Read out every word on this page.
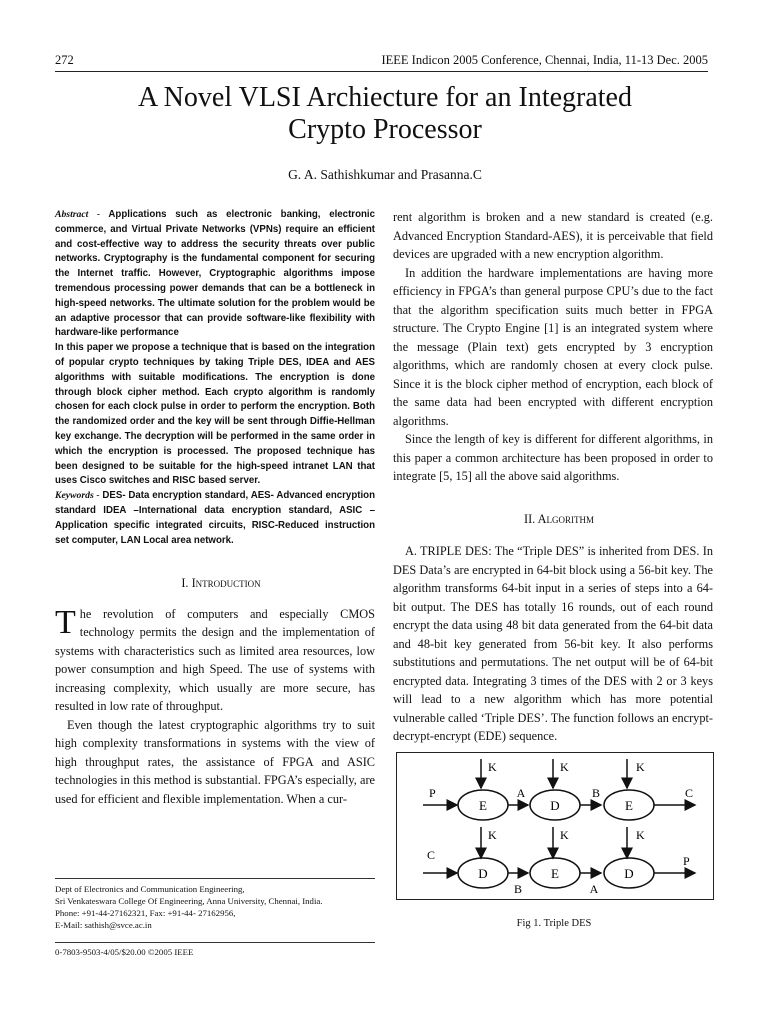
272	IEEE Indicon 2005 Conference, Chennai, India, 11-13 Dec. 2005
A Novel VLSI Archiecture for an Integrated
Crypto Processor
G. A. Sathishkumar and Prasanna.C

Abstract - Applications such as electronic banking, electronic commerce, and Virtual Private Networks (VPNs) require an efficient and cost-effective way to address the security threats over public networks. Cryptography is the fundamental component for securing the Internet traffic. However, Cryptographic algorithms impose tremendous processing power demands that can be a bottleneck in high-speed networks. The ultimate solution for the problem would be an adaptive processor that can provide software-like flexibility with hardware-like performance

In this paper we propose a technique that is based on the integration of popular crypto techniques by taking Triple DES, IDEA and AES algorithms with suitable modifications. The encryption is done through block cipher method. Each crypto algorithm is randomly chosen for each clock pulse in order to perform the encryption. Both the randomized order and the key will be sent through Diffie-Hellman key exchange. The decryption will be performed in the same order in which the encryption is processed. The proposed technique has been designed to be suitable for the high-speed intranet LAN that uses Cisco switches and RISC based server.

Keywords - DES- Data encryption standard, AES- Advanced encryption standard IDEA –International data encryption standard, ASIC –Application specific integrated circuits, RISC-Reduced instruction set computer, LAN Local area network.

I. Introduction

The revolution of computers and especially CMOS technology permits the design and the implementation of systems with characteristics such as limited area resources, low power consumption and high Speed. The use of systems with increasing complexity, which usually are more secure, has resulted in low rate of throughput.

Even though the latest cryptographic algorithms try to suit high complexity transformations in systems with the view of high throughput rates, the assistance of FPGA and ASIC technologies in this method is substantial. FPGA’s especially, are used for efficient and flexible implementation. When a cur-

Dept of Electronics and Communication Engineering,
Sri Venkateswara College Of Engineering, Anna University, Chennai, India.
Phone: +91-44-27162321, Fax: +91-44- 27162956,
E-Mail: sathish@svce.ac.in
0-7803-9503-4/05/$20.00 ©2005 IEEE

rent algorithm is broken and a new standard is created (e.g. Advanced Encryption Standard-AES), it is perceivable that field devices are upgraded with a new encryption algorithm.

In addition the hardware implementations are having more efficiency in FPGA’s than general purpose CPU’s due to the fact that the algorithm specification suits much better in FPGA structure. The Crypto Engine [1] is an integrated system where the message (Plain text) gets encrypted by 3 encryption algorithms, which are randomly chosen at every clock pulse. Since it is the block cipher method of encryption, each block of the same data had been encrypted with different encryption algorithms.

Since the length of key is different for different algorithms, in this paper a common architecture has been proposed in order to integrate [5, 15] all the above said algorithms.

II. Algorithm

A. TRIPLE DES: The “Triple DES” is inherited from DES. In DES Data’s are encrypted in 64-bit block using a 56-bit key. The algorithm transforms 64-bit input in a series of steps into a 64-bit output. The DES has totally 16 rounds, out of each round encrypt the data using 48 bit data generated from the 64-bit data and 48-bit key generated from 56-bit key. It also performs substitutions and permutations. The net output will be of 64-bit encrypted data. Integrating 3 times of the DES with 2 or 3 keys will lead to a new algorithm which has more potential vulnerable called ‘Triple DES’. The function follows an encrypt-decrypt-encrypt (EDE) sequence.

P
E
A
D
B
E
C
K	K	K
K	K	K
C
D
B
E
A
D
P
Fig 1. Triple DES
